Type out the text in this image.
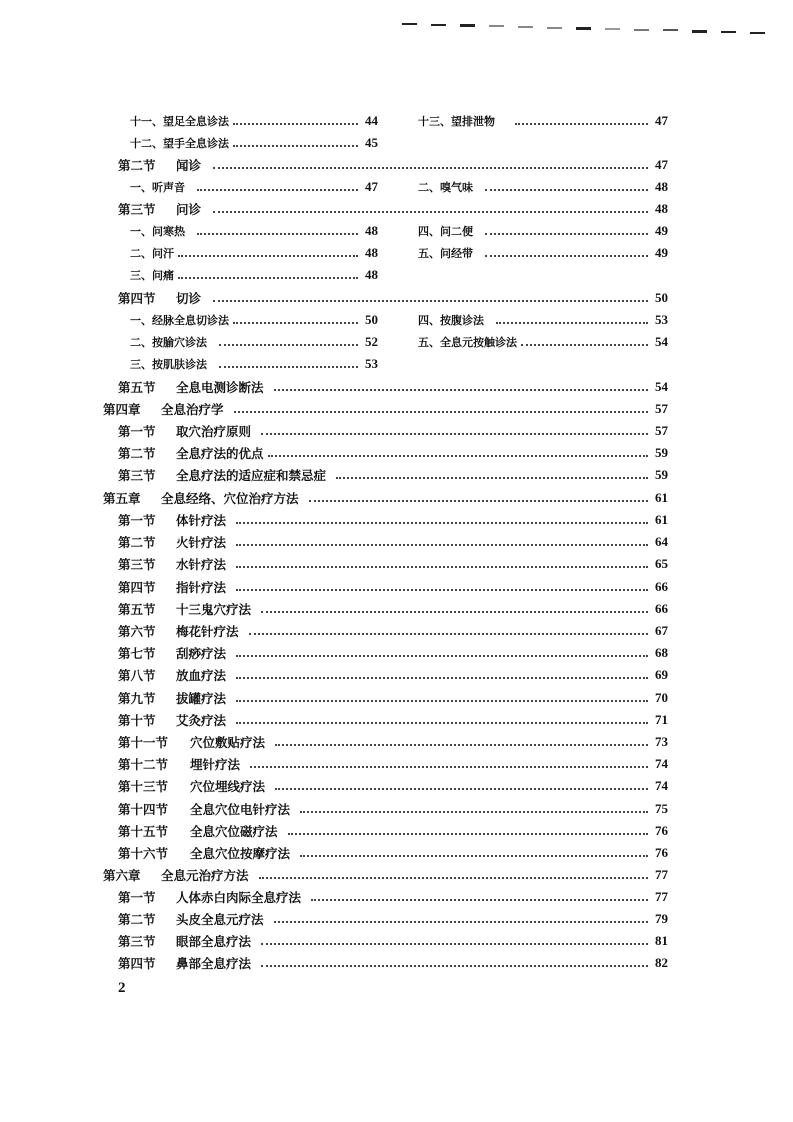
十一、望足全息诊法	44	十三、望排泄物	47
十二、望手全息诊法	45
第二节 闻诊	47
一、听声音	47	二、嗅气味	48
第三节 问诊	48
一、问寒热	48	四、问二便	49
二、问汗	48	五、问经带	49
三、问痛	48
第四节 切诊	50
一、经脉全息切诊法	50	四、按腹诊法	53
二、按腧穴诊法	52	五、全息元按触诊法	54
三、按肌肤诊法	53
第五节 全息电测诊断法	54
第四章 全息治疗学	57
第一节 取穴治疗原则	57
第二节 全息疗法的优点	59
第三节 全息疗法的适应症和禁忌症	59
第五章 全息经络、穴位治疗方法	61
第一节 体针疗法	61
第二节 火针疗法	64
第三节 水针疗法	65
第四节 指针疗法	66
第五节 十三鬼穴疗法	66
第六节 梅花针疗法	67
第七节 刮痧疗法	68
第八节 放血疗法	69
第九节 拔罐疗法	70
第十节 艾灸疗法	71
第十一节 穴位敷贴疗法	73
第十二节 埋针疗法	74
第十三节 穴位埋线疗法	74
第十四节 全息穴位电针疗法	75
第十五节 全息穴位磁疗法	76
第十六节 全息穴位按摩疗法	76
第六章 全息元治疗方法	77
第一节 人体赤白肉际全息疗法	77
第二节 头皮全息元疗法	79
第三节 眼部全息疗法	81
第四节 鼻部全息疗法	82
2
